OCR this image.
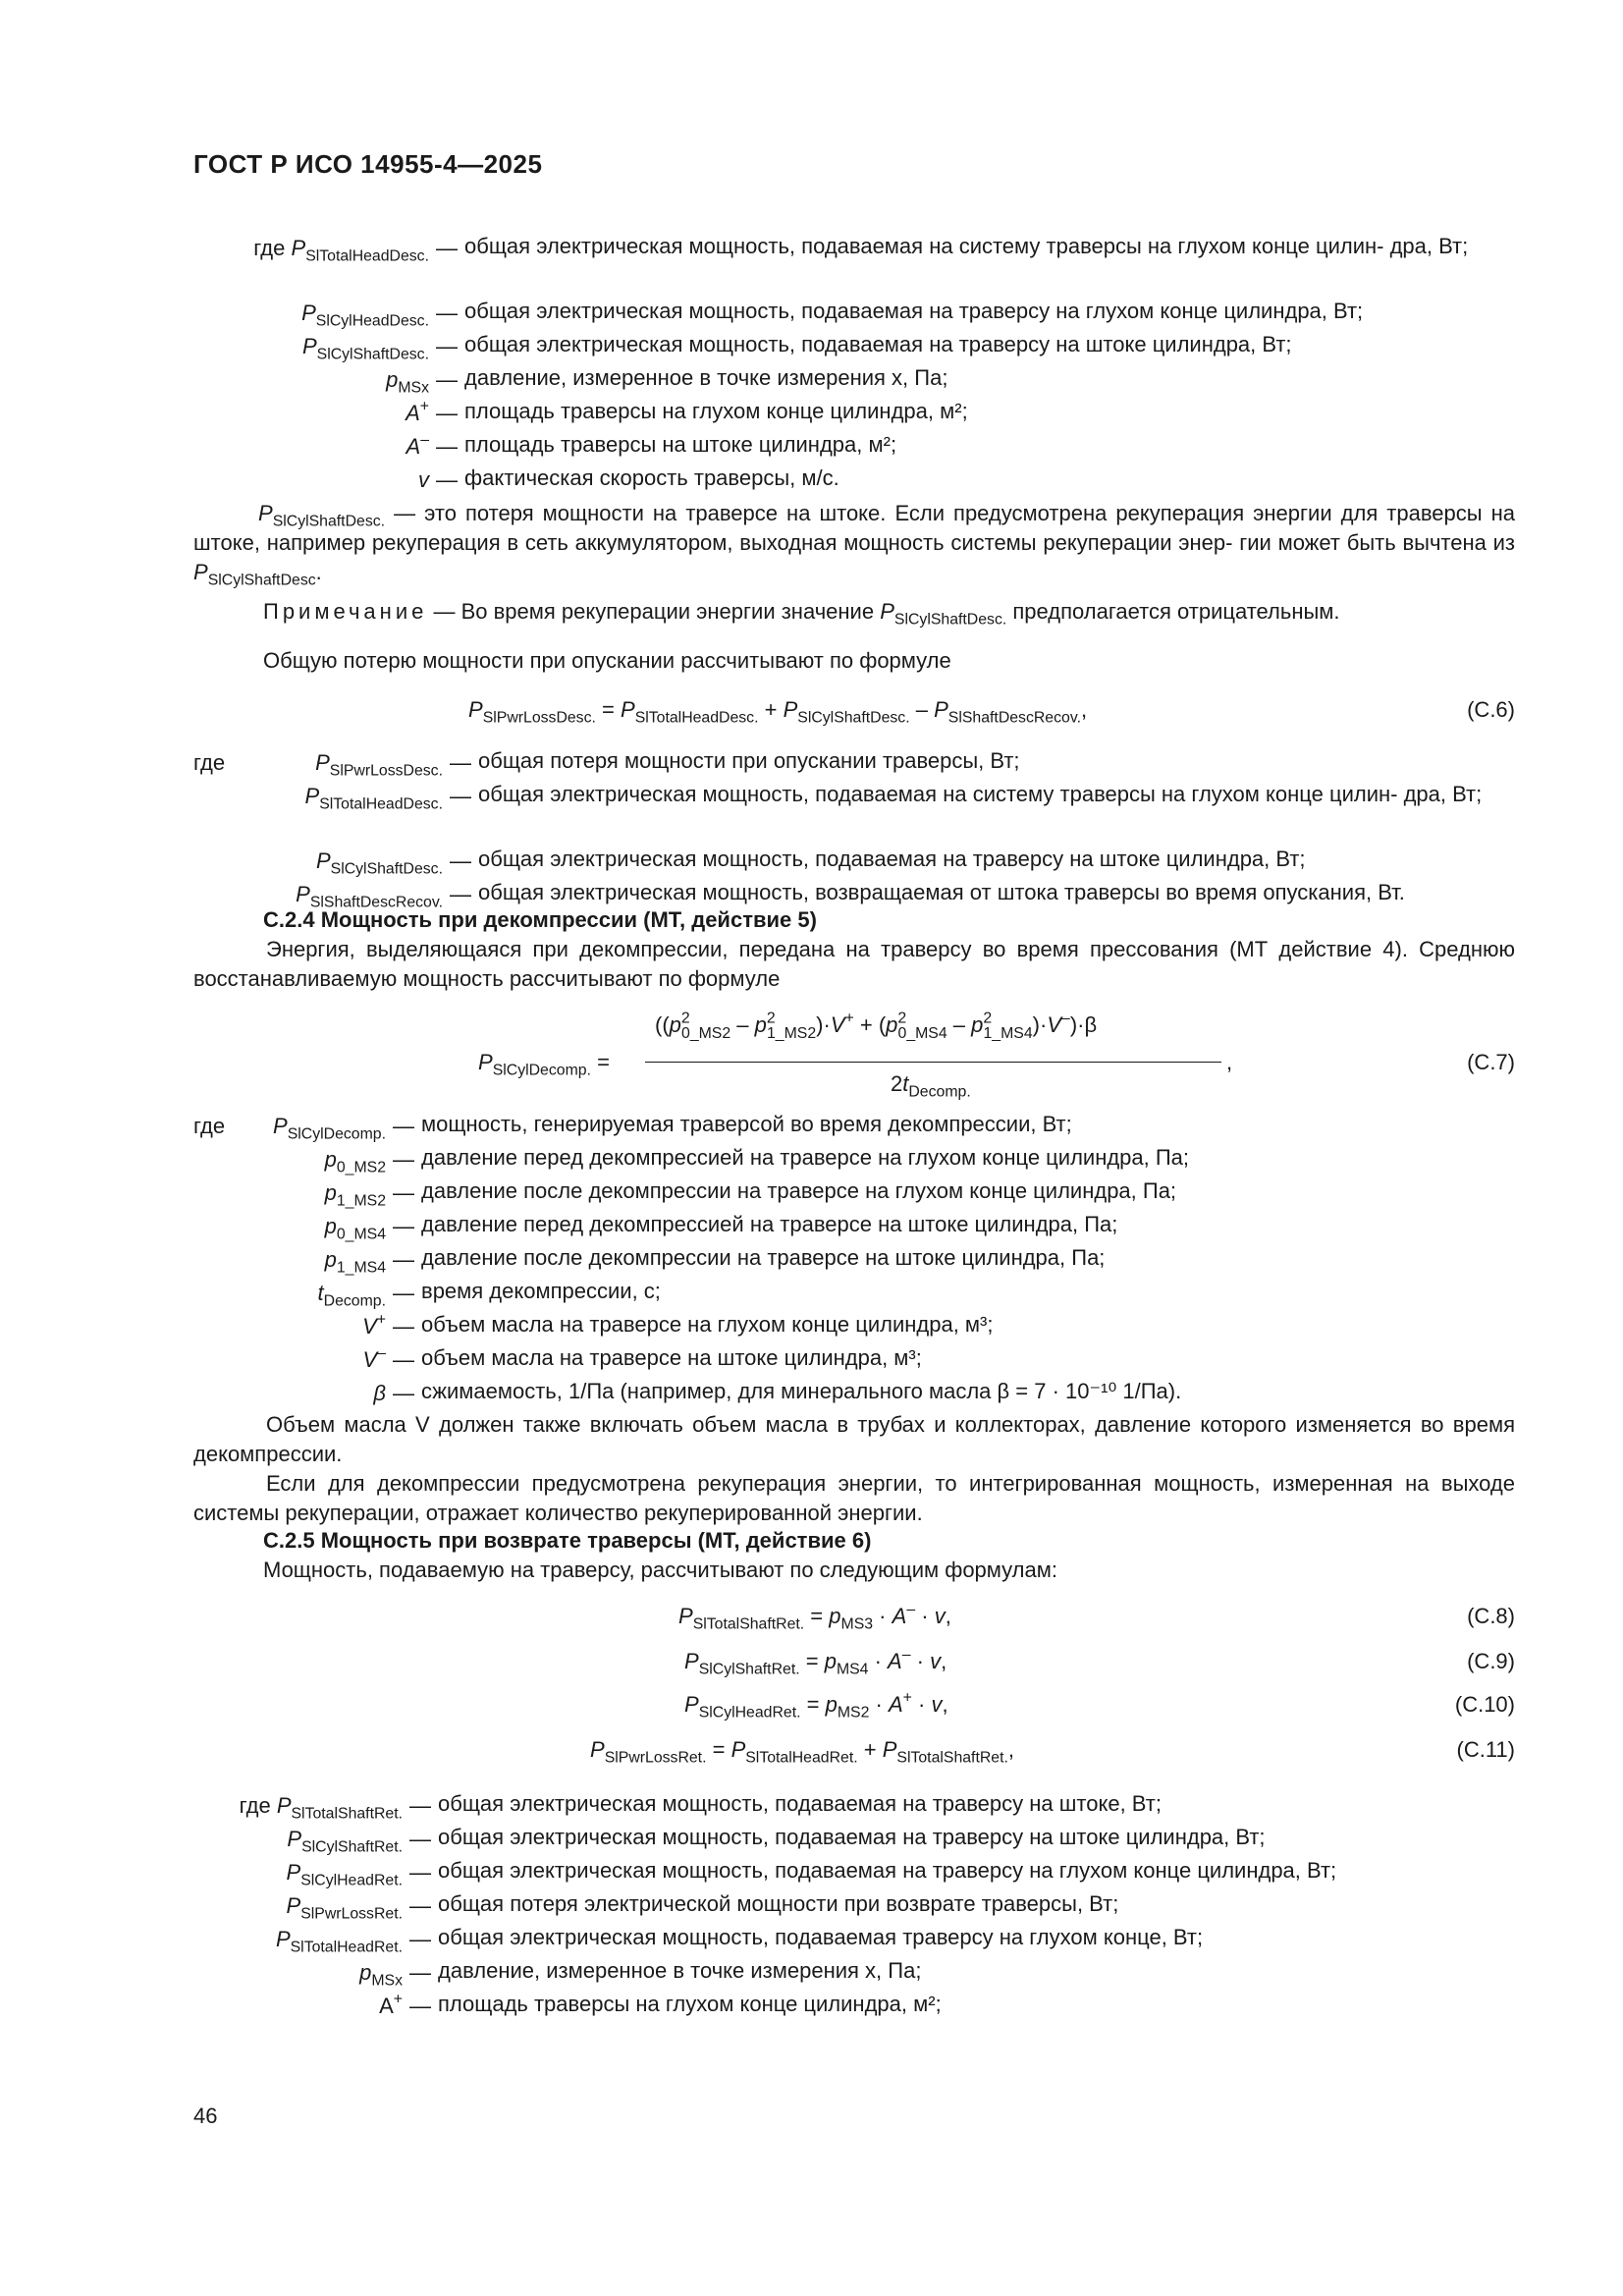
ГОСТ Р ИСО 14955-4—2025
где $P_{SlTotalHeadDesc.}$ — общая электрическая мощность, подаваемая на систему траверсы на глухом конце цилин- дра, Вт;
$P_{SlCylHeadDesc.}$ — общая электрическая мощность, подаваемая на траверсу на глухом конце цилиндра, Вт;
$P_{SlCylShaftDesc.}$ — общая электрическая мощность, подаваемая на траверсу на штоке цилиндра, Вт;
$p_{MSx}$ — давление, измеренное в точке измерения x, Па;
A+ — площадь траверсы на глухом конце цилиндра, м²;
A– — площадь траверсы на штоке цилиндра, м²;
v — фактическая скорость траверсы, м/с.
$P_{SlCylShaftDesc.}$ — это потеря мощности на траверсе на штоке. Если предусмотрена рекуперация энергии для траверсы на штоке, например рекуперация в сеть аккумулятором, выходная мощность системы рекуперации энер- гии может быть вычтена из $P_{SlCylShaftDesc}$.
Примечание — Во время рекуперации энергии значение $P_{SlCylShaftDesc.}$ предполагается отрицательным.
Общую потерю мощности при опускании рассчитывают по формуле
$P_{SlPwrLossDesc.} = P_{SlTotalHeadDesc.} + P_{SlCylShaftDesc.} - P_{SlShaftDescRecov.}$,	(C.6)
где	$P_{SlPwrLossDesc.}$ — общая потеря мощности при опускании траверсы, Вт;
$P_{SlTotalHeadDesc.}$ — общая электрическая мощность, подаваемая на систему траверсы на глухом конце цилин- дра, Вт;
$P_{SlCylShaftDesc.}$ — общая электрическая мощность, подаваемая на траверсу на штоке цилиндра, Вт;
$P_{SlShaftDescRecov.}$ — общая электрическая мощность, возвращаемая от штока траверсы во время опускания, Вт.
С.2.4 Мощность при декомпрессии (МТ, действие 5)
Энергия, выделяющаяся при декомпрессии, передана на траверсу во время прессования (МТ действие 4). Среднюю восстанавливаемую мощность рассчитывают по формуле
$P_{SlCylDecomp.}$ =
$((p^2_{0\_MS2} - p^2_{1\_MS2})\cdot V^+ + (p^2_{0\_MS4} - p^2_{1\_MS4})\cdot V^-)\cdot\beta$
$2t_{Decomp.}$
,	(C.7)
где $P_{SlCylDecomp.}$ — мощность, генерируемая траверсой во время декомпрессии, Вт;
$p_{0\_MS2}$ — давление перед декомпрессией на траверсе на глухом конце цилиндра, Па;
$p_{1\_MS2}$ — давление после декомпрессии на траверсе на глухом конце цилиндра, Па;
$p_{0\_MS4}$ — давление перед декомпрессией на траверсе на штоке цилиндра, Па;
$p_{1\_MS4}$ — давление после декомпрессии на траверсе на штоке цилиндра, Па;
$t_{Decomp.}$ — время декомпрессии, с;
V+ — объем масла на траверсе на глухом конце цилиндра, м³;
V– — объем масла на траверсе на штоке цилиндра, м³;
β — сжимаемость, 1/Па (например, для минерального масла β = 7 · 10⁻¹⁰ 1/Па).
Объем масла V должен также включать объем масла в трубах и коллекторах, давление которого изменяется во время декомпрессии.
Если для декомпрессии предусмотрена рекуперация энергии, то интегрированная мощность, измеренная на выходе системы рекуперации, отражает количество рекуперированной энергии.
С.2.5 Мощность при возврате траверсы (МТ, действие 6)
Мощность, подаваемую на траверсу, рассчитывают по следующим формулам:
$P_{SlTotalShaftRet.} = p_{MS3} \cdot A^- \cdot v$,	(C.8)
$P_{SlCylShaftRet.} = p_{MS4} \cdot A^- \cdot v$,	(C.9)
$P_{SlCylHeadRet.} = p_{MS2} \cdot A^+ \cdot v$,	(C.10)
$P_{SlPwrLossRet.} = P_{SlTotalHeadRet.} + P_{SlTotalShaftRet.}$,	(C.11)
где $P_{SlTotalShaftRet.}$ — общая электрическая мощность, подаваемая на траверсу на штоке, Вт;
$P_{SlCylShaftRet.}$ — общая электрическая мощность, подаваемая на траверсу на штоке цилиндра, Вт;
$P_{SlCylHeadRet.}$ — общая электрическая мощность, подаваемая на траверсу на глухом конце цилиндра, Вт;
$P_{SlPwrLossRet.}$ — общая потеря электрической мощности при возврате траверсы, Вт;
$P_{SlTotalHeadRet.}$ — общая электрическая мощность, подаваемая траверсу на глухом конце, Вт;
$p_{MSx}$ — давление, измеренное в точке измерения x, Па;
A+ — площадь траверсы на глухом конце цилиндра, м²;
46
